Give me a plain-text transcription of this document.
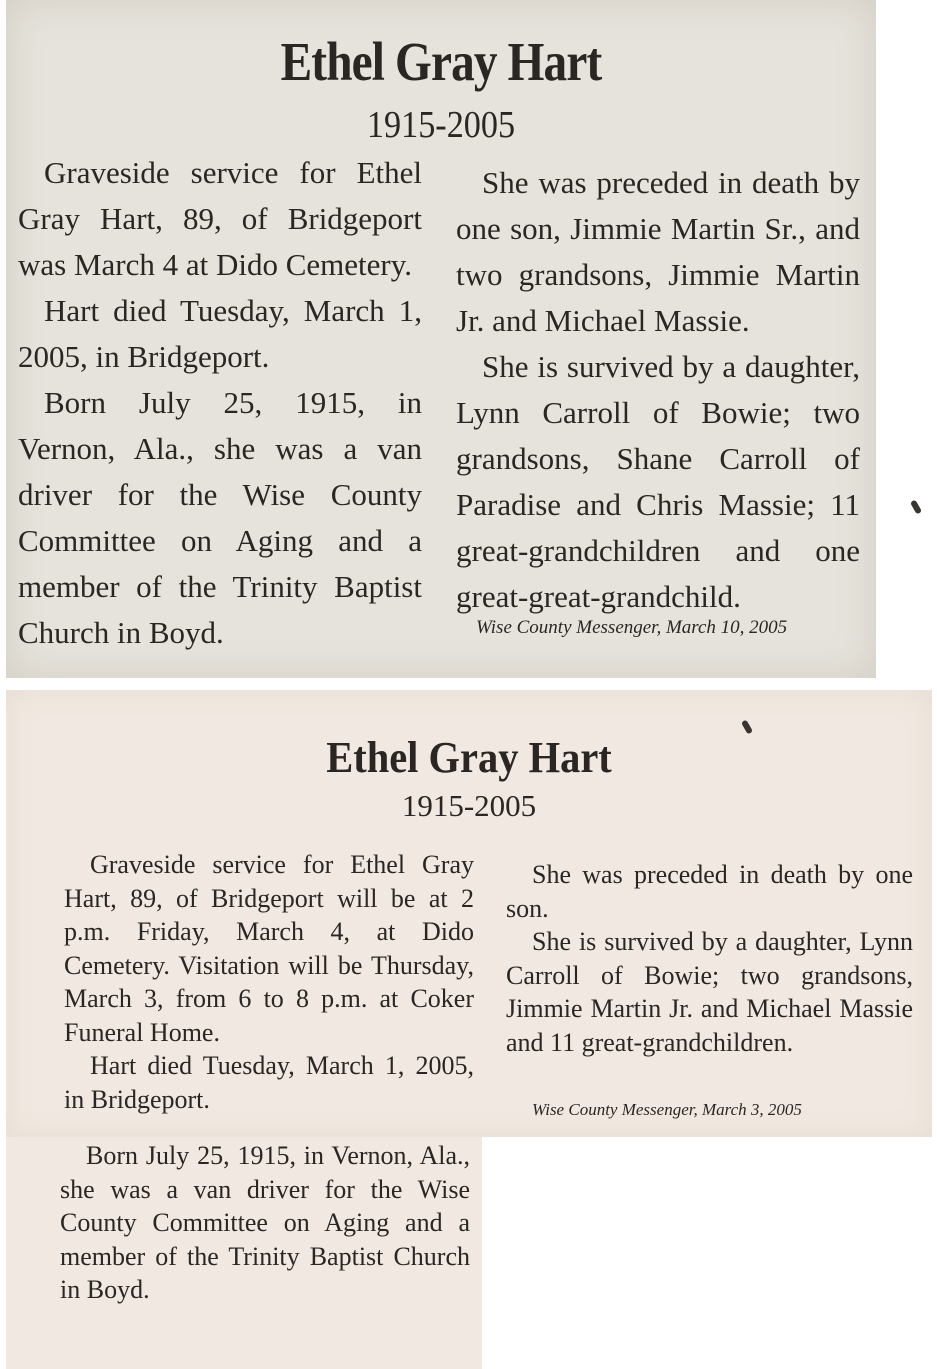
Ethel Gray Hart
1915-2005

Graveside service for Ethel Gray Hart, 89, of Bridgeport was March 4 at Dido Cemetery.

Hart died Tuesday, March 1, 2005, in Bridgeport.

Born July 25, 1915, in Vernon, Ala., she was a van driver for the Wise County Committee on Aging and a member of the Trinity Baptist Church in Boyd.

She was preceded in death by one son, Jimmie Martin Sr., and two grandsons, Jimmie Martin Jr. and Michael Massie.

She is survived by a daughter, Lynn Carroll of Bowie; two grandsons, Shane Carroll of Paradise and Chris Massie; 11 great-grandchildren and one great-great-grandchild.

Wise County Messenger, March 10, 2005
Ethel Gray Hart
1915-2005

Graveside service for Ethel Gray Hart, 89, of Bridgeport will be at 2 p.m. Friday, March 4, at Dido Cemetery. Visitation will be Thursday, March 3, from 6 to 8 p.m. at Coker Funeral Home.

Hart died Tuesday, March 1, 2005, in Bridgeport.

She was preceded in death by one son.

She is survived by a daughter, Lynn Carroll of Bowie; two grandsons, Jimmie Martin Jr. and Michael Massie and 11 great-grandchildren.

Wise County Messenger, March 3, 2005

Born July 25, 1915, in Vernon, Ala., she was a van driver for the Wise County Committee on Aging and a member of the Trinity Baptist Church in Boyd.
